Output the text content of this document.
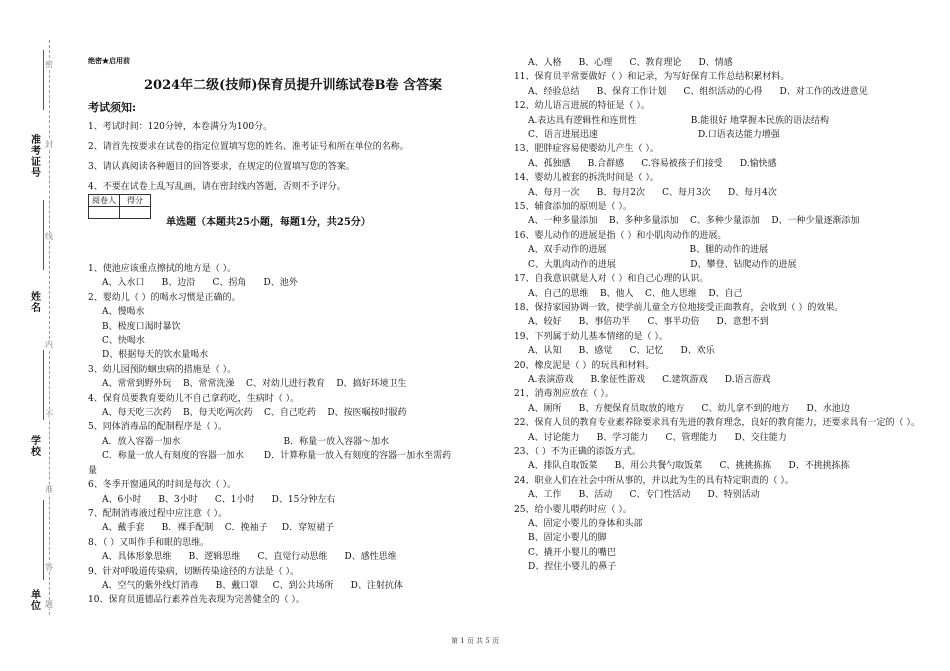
准考证号
姓名
学校
单位
密
封
线
内
不
准
答
题
绝密★启用前
2024年二级(技师)保育员提升训练试卷B卷 含答案
考试须知:

1、考试时间：120分钟，本卷满分为100分。

2、请首先按要求在试卷的指定位置填写您的姓名、准考证号和所在单位的名称。

3、请认真阅读各种题目的回答要求，在规定的位置填写您的答案。

4、不要在试卷上乱写乱画，请在密封线内答题，否则不予评分。

阅卷人	得分

单选题（本题共25小题，每题1分，共25分）

1、使池应该重点擦拭的地方是（ ）。

A、入水口      B、边沿      C、拐角      D、池外

2、婴幼儿（ ）的喝水习惯是正确的。

A、慢喝水

B、极度口渴时暴饮

C、快喝水

D、根据每天的饮水量喝水

3、幼儿园预防蛔虫病的措施是（ ）。

A、常常到野外玩    B、常常洗澡    C、对幼儿进行教育    D、搞好环境卫生

4、保育员要教育要幼儿不自己拿药吃，生病时（ ）。

A、每天吃三次药    B、每天吃两次药    C、自己吃药    D、按医嘱按时服药

5、同体消毒品的配制程序是（ ）。

A．放入容器一加水                                    B．称量一放入容器～加水

C．称量一放人有刻度的容器一加水       D．计算称量一放入有刻度的容器一加水至需药

量

6、冬季开窗通风的时间是每次（ ）。

A、6小时      B、3小时      C、1小时      D、15分钟左右

7、配制消毒液过程中应注意（ ）。

A、戴手套      B．裸手配制    C．挽袖子     D．穿短裙子

8、（ ）又叫作手和眼的思维。

A、具体形象思维      B、逻辑思维      C、直觉行动思维      D、感性思维

9、针对呼吸道传染病，切断传染途径的方法是（ ）。

A、空气的紫外线灯消毒      B、戴口罩     C、到公共场所      D、注射抗体

10、保育员道德品行素养首先表现为完善健全的（ ）。

A、人格      B、心理      C、教育理论      D、情感

11、保育员平常要做好（ ）和记录，为写好保育工作总结积累材料。

A、经验总结      B、保育工作计划      C、组织活动的心得      D、对工作的改进意见

12、幼儿语言进展的特征是（ ）。

A.表达具有逻辑性和连贯性                   B.能很好 地掌握本民族的语法结构

C、语言进展迅速                                   D.口语表达能力增强

13、肥胖症容易使婴幼儿产生（ ）。

A、孤独感      B.合群感      C.容易被孩子们接受      D.愉快感

14、婴幼儿被套的拆洗时间是（ ）。

A、每月一次      B、每月2次      C、每月3次      D、每月4次

15、辅食添加的原则是（ ）。

A、一种多量添加    B、多种多量添加    C、多种少量添加    D、一种少量逐渐添加

16、婴儿动作的进展是指（ ）和小肌肉动作的进展。

A、双手动作的进展                             B、腿的动作的进展

C、大肌肉动作的进展                          D、攀登、钻爬动作的进展

17、自我意识就是人对（ ）和自己心理的认识。

A、自己的思维    B、他人    C、他人思维    D、自己

18、保持家园协调一致，使学前儿童全方位地接受正面教育，会收到（ ）的效果。

A、较好      B、事倍功半      C、事半功倍      D、意想不到

19、下列属于幼儿基本情绪的是（ ）。

A、认知      B、感觉      C、记忆      D、欢乐

20、橡皮泥是（ ）的玩具和材料。

A.表演游戏      B.象征性游戏      C.建筑游戏      D.语言游戏

21、消毒剂应放在（ ）。

A、厕所      B、方便保育员取放的地方      C、幼儿拿不到的地方      D、水池边

22、保育人员的教育专业素养除要求具有先进的教育理念，良好的教育能力，还要求具有一定的（ ）。

A、讨论能力      B、学习能力      C、管理能力      D、交往能力

23、（ ）不为正确的添饭方式。

A、排队自取饭菜      B、用公共餐勺取饭菜      C、挑挑拣拣      D、不挑挑拣拣

24、职业人们在社会中所从事的，并以此为生的具有特定职责的（ ）。

A、工作      B、活动      C、专门性活动      D、特别活动

25、给小婴儿喂药时应（ ）。

A、固定小婴儿的身体和头部

B、固定小婴儿的脚

C、撬开小婴儿的嘴巴

D、捏住小婴儿的鼻子

第 1 页 共 5 页
